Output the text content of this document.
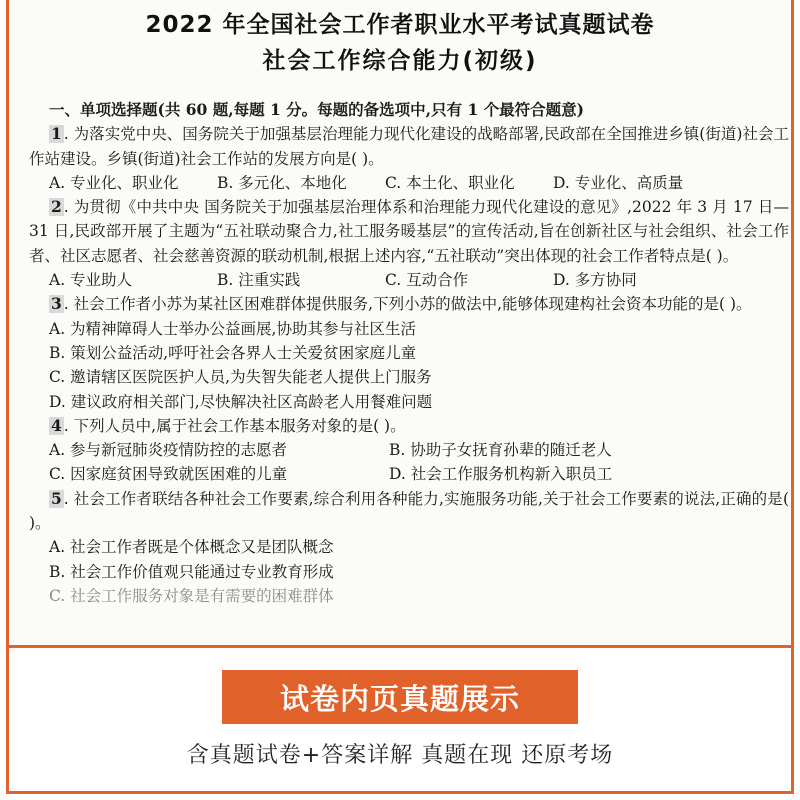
2022 年全国社会工作者职业水平考试真题试卷
社会工作综合能力(初级)
一、单项选择题(共 60 题,每题 1 分。每题的备选项中,只有 1 个最符合题意)
1 . 为落实党中央、国务院关于加强基层治理能力现代化建设的战略部署,民政部在全国推进乡镇(街道)社会工作站建设。乡镇(街道)社会工作站的发展方向是( )。
A. 专业化、职业化	B. 多元化、本地化	C. 本土化、职业化	D. 专业化、高质量
2 . 为贯彻《中共中央 国务院关于加强基层治理体系和治理能力现代化建设的意见》,2022 年 3 月 17 日—31 日,民政部开展了主题为“五社联动聚合力,社工服务暖基层”的宣传活动,旨在创新社区与社会组织、社会工作者、社区志愿者、社会慈善资源的联动机制,根据上述内容,“五社联动”突出体现的社会工作者特点是( )。
A. 专业助人	B. 注重实践	C. 互动合作	D. 多方协同
3 . 社会工作者小苏为某社区困难群体提供服务,下列小苏的做法中,能够体现建构社会资本功能的是( )。
A. 为精神障碍人士举办公益画展,协助其参与社区生活
B. 策划公益活动,呼吁社会各界人士关爱贫困家庭儿童
C. 邀请辖区医院医护人员,为失智失能老人提供上门服务
D. 建议政府相关部门,尽快解决社区高龄老人用餐难问题
4 . 下列人员中,属于社会工作基本服务对象的是( )。
A. 参与新冠肺炎疫情防控的志愿者	B. 协助子女抚育孙辈的随迁老人
C. 因家庭贫困导致就医困难的儿童	D. 社会工作服务机构新入职员工
5 . 社会工作者联结各种社会工作要素,综合利用各种能力,实施服务功能,关于社会工作要素的说法,正确的是( )。
A. 社会工作者既是个体概念又是团队概念
B. 社会工作价值观只能通过专业教育形成
C. 社会工作服务对象是有需要的困难群体
试卷内页真题展示
含真题试卷+答案详解 真题在现 还原考场
